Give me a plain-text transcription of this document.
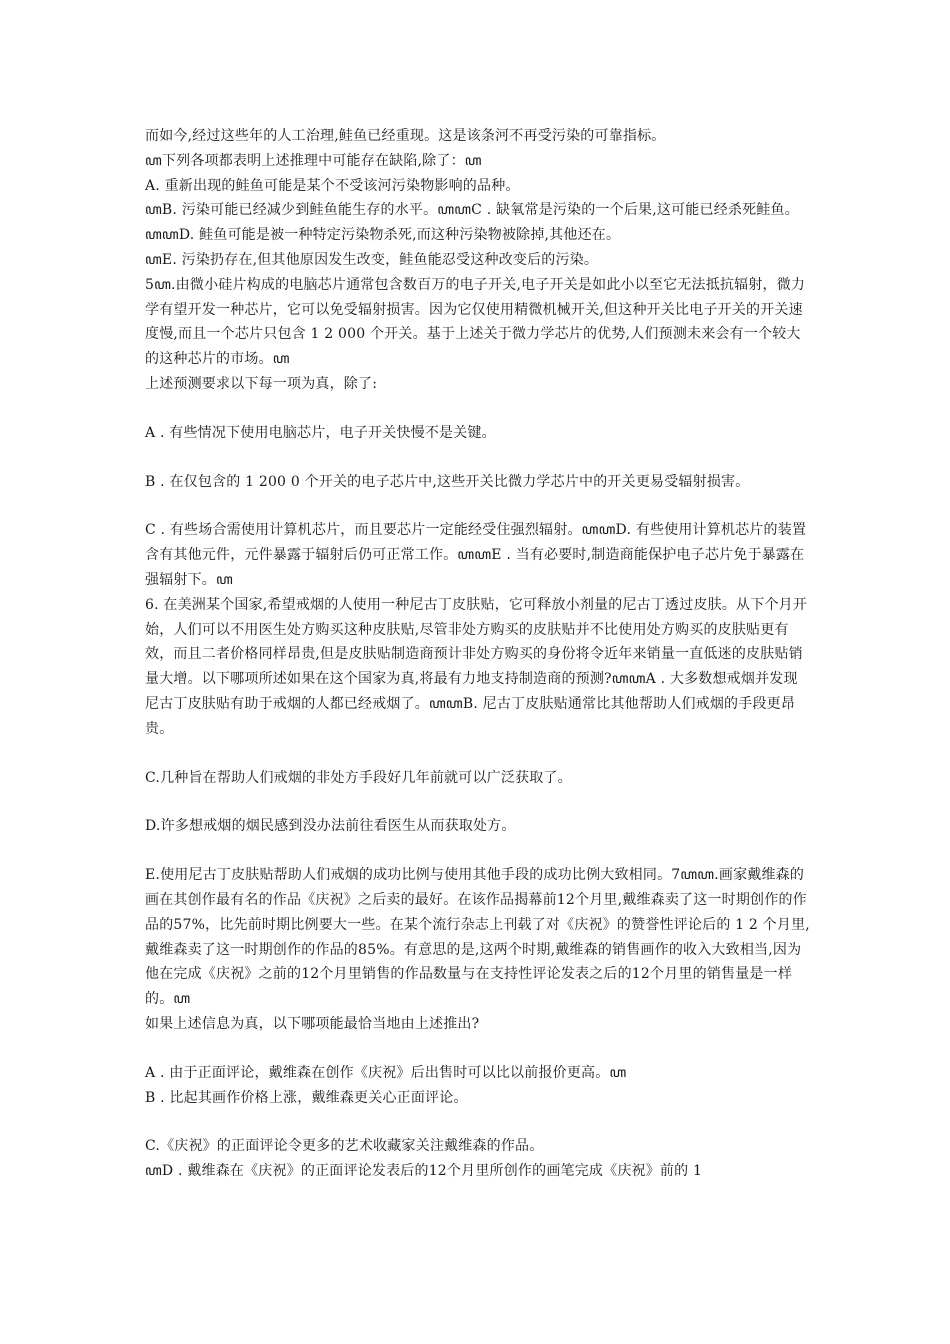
而如今,经过这些年的人工治理,鲑鱼已经重现。这是该条河不再受污染的可靠指标。

ꦲ下列各项都表明上述推理中可能存在缺陷,除了：ꦲ

A. 重新出现的鲑鱼可能是某个不受该河污染物影响的品种。

ꦲB. 污染可能已经减少到鲑鱼能生存的水平。ꦲꦲC . 缺氧常是污染的一个后果,这可能已经杀死鲑鱼。ꦲꦲD. 鲑鱼可能是被一种特定污染物杀死,而这种污染物被除掉,其他还在。

ꦲE. 污染扔存在,但其他原因发生改变，鲑鱼能忍受这种改变后的污染。

5ꦲ.由微小硅片构成的电脑芯片通常包含数百万的电子开关,电子开关是如此小以至它无法抵抗辐射，微力学有望开发一种芯片，它可以免受辐射损害。因为它仅使用精微机械开关,但这种开关比电子开关的开关速度慢,而且一个芯片只包含 1 2 000 个开关。基于上述关于微力学芯片的优势,人们预测未来会有一个较大的这种芯片的市场。ꦲ

上述预测要求以下每一项为真，除了:

A . 有些情况下使用电脑芯片，电子开关快慢不是关键。

B . 在仅包含的 1 200 0 个开关的电子芯片中,这些开关比微力学芯片中的开关更易受辐射损害。

C . 有些场合需使用计算机芯片，而且要芯片一定能经受住强烈辐射。ꦲꦲD. 有些使用计算机芯片的装置含有其他元件，元件暴露于辐射后仍可正常工作。ꦲꦲE . 当有必要时,制造商能保护电子芯片免于暴露在强辐射下。ꦲ

6. 在美洲某个国家,希望戒烟的人使用一种尼古丁皮肤贴，它可释放小剂量的尼古丁透过皮肤。从下个月开始，人们可以不用医生处方购买这种皮肤贴,尽管非处方购买的皮肤贴并不比使用处方购买的皮肤贴更有效，而且二者价格同样昂贵,但是皮肤贴制造商预计非处方购买的身份将令近年来销量一直低迷的皮肤贴销量大增。以下哪项所述如果在这个国家为真,将最有力地支持制造商的预测?ꦲꦲA . 大多数想戒烟并发现尼古丁皮肤贴有助于戒烟的人都已经戒烟了。ꦲꦲB. 尼古丁皮肤贴通常比其他帮助人们戒烟的手段更昂贵。

C.几种旨在帮助人们戒烟的非处方手段好几年前就可以广泛获取了。

D.许多想戒烟的烟民感到没办法前往看医生从而获取处方。

E.使用尼古丁皮肤贴帮助人们戒烟的成功比例与使用其他手段的成功比例大致相同。7ꦲꦲ.画家戴维森的画在其创作最有名的作品《庆祝》之后卖的最好。在该作品揭幕前12个月里,戴维森卖了这一时期创作的作品的57%，比先前时期比例要大一些。在某个流行杂志上刊载了对《庆祝》的赞誉性评论后的 1 2 个月里,戴维森卖了这一时期创作的作品的85%。有意思的是,这两个时期,戴维森的销售画作的收入大致相当,因为他在完成《庆祝》之前的12个月里销售的作品数量与在支持性评论发表之后的12个月里的销售量是一样的。ꦲ

如果上述信息为真，以下哪项能最恰当地由上述推出?

A . 由于正面评论，戴维森在创作《庆祝》后出售时可以比以前报价更高。ꦲ

B . 比起其画作价格上涨，戴维森更关心正面评论。

C.《庆祝》的正面评论令更多的艺术收藏家关注戴维森的作品。

ꦲD . 戴维森在《庆祝》的正面评论发表后的12个月里所创作的画笔完成《庆祝》前的 1
